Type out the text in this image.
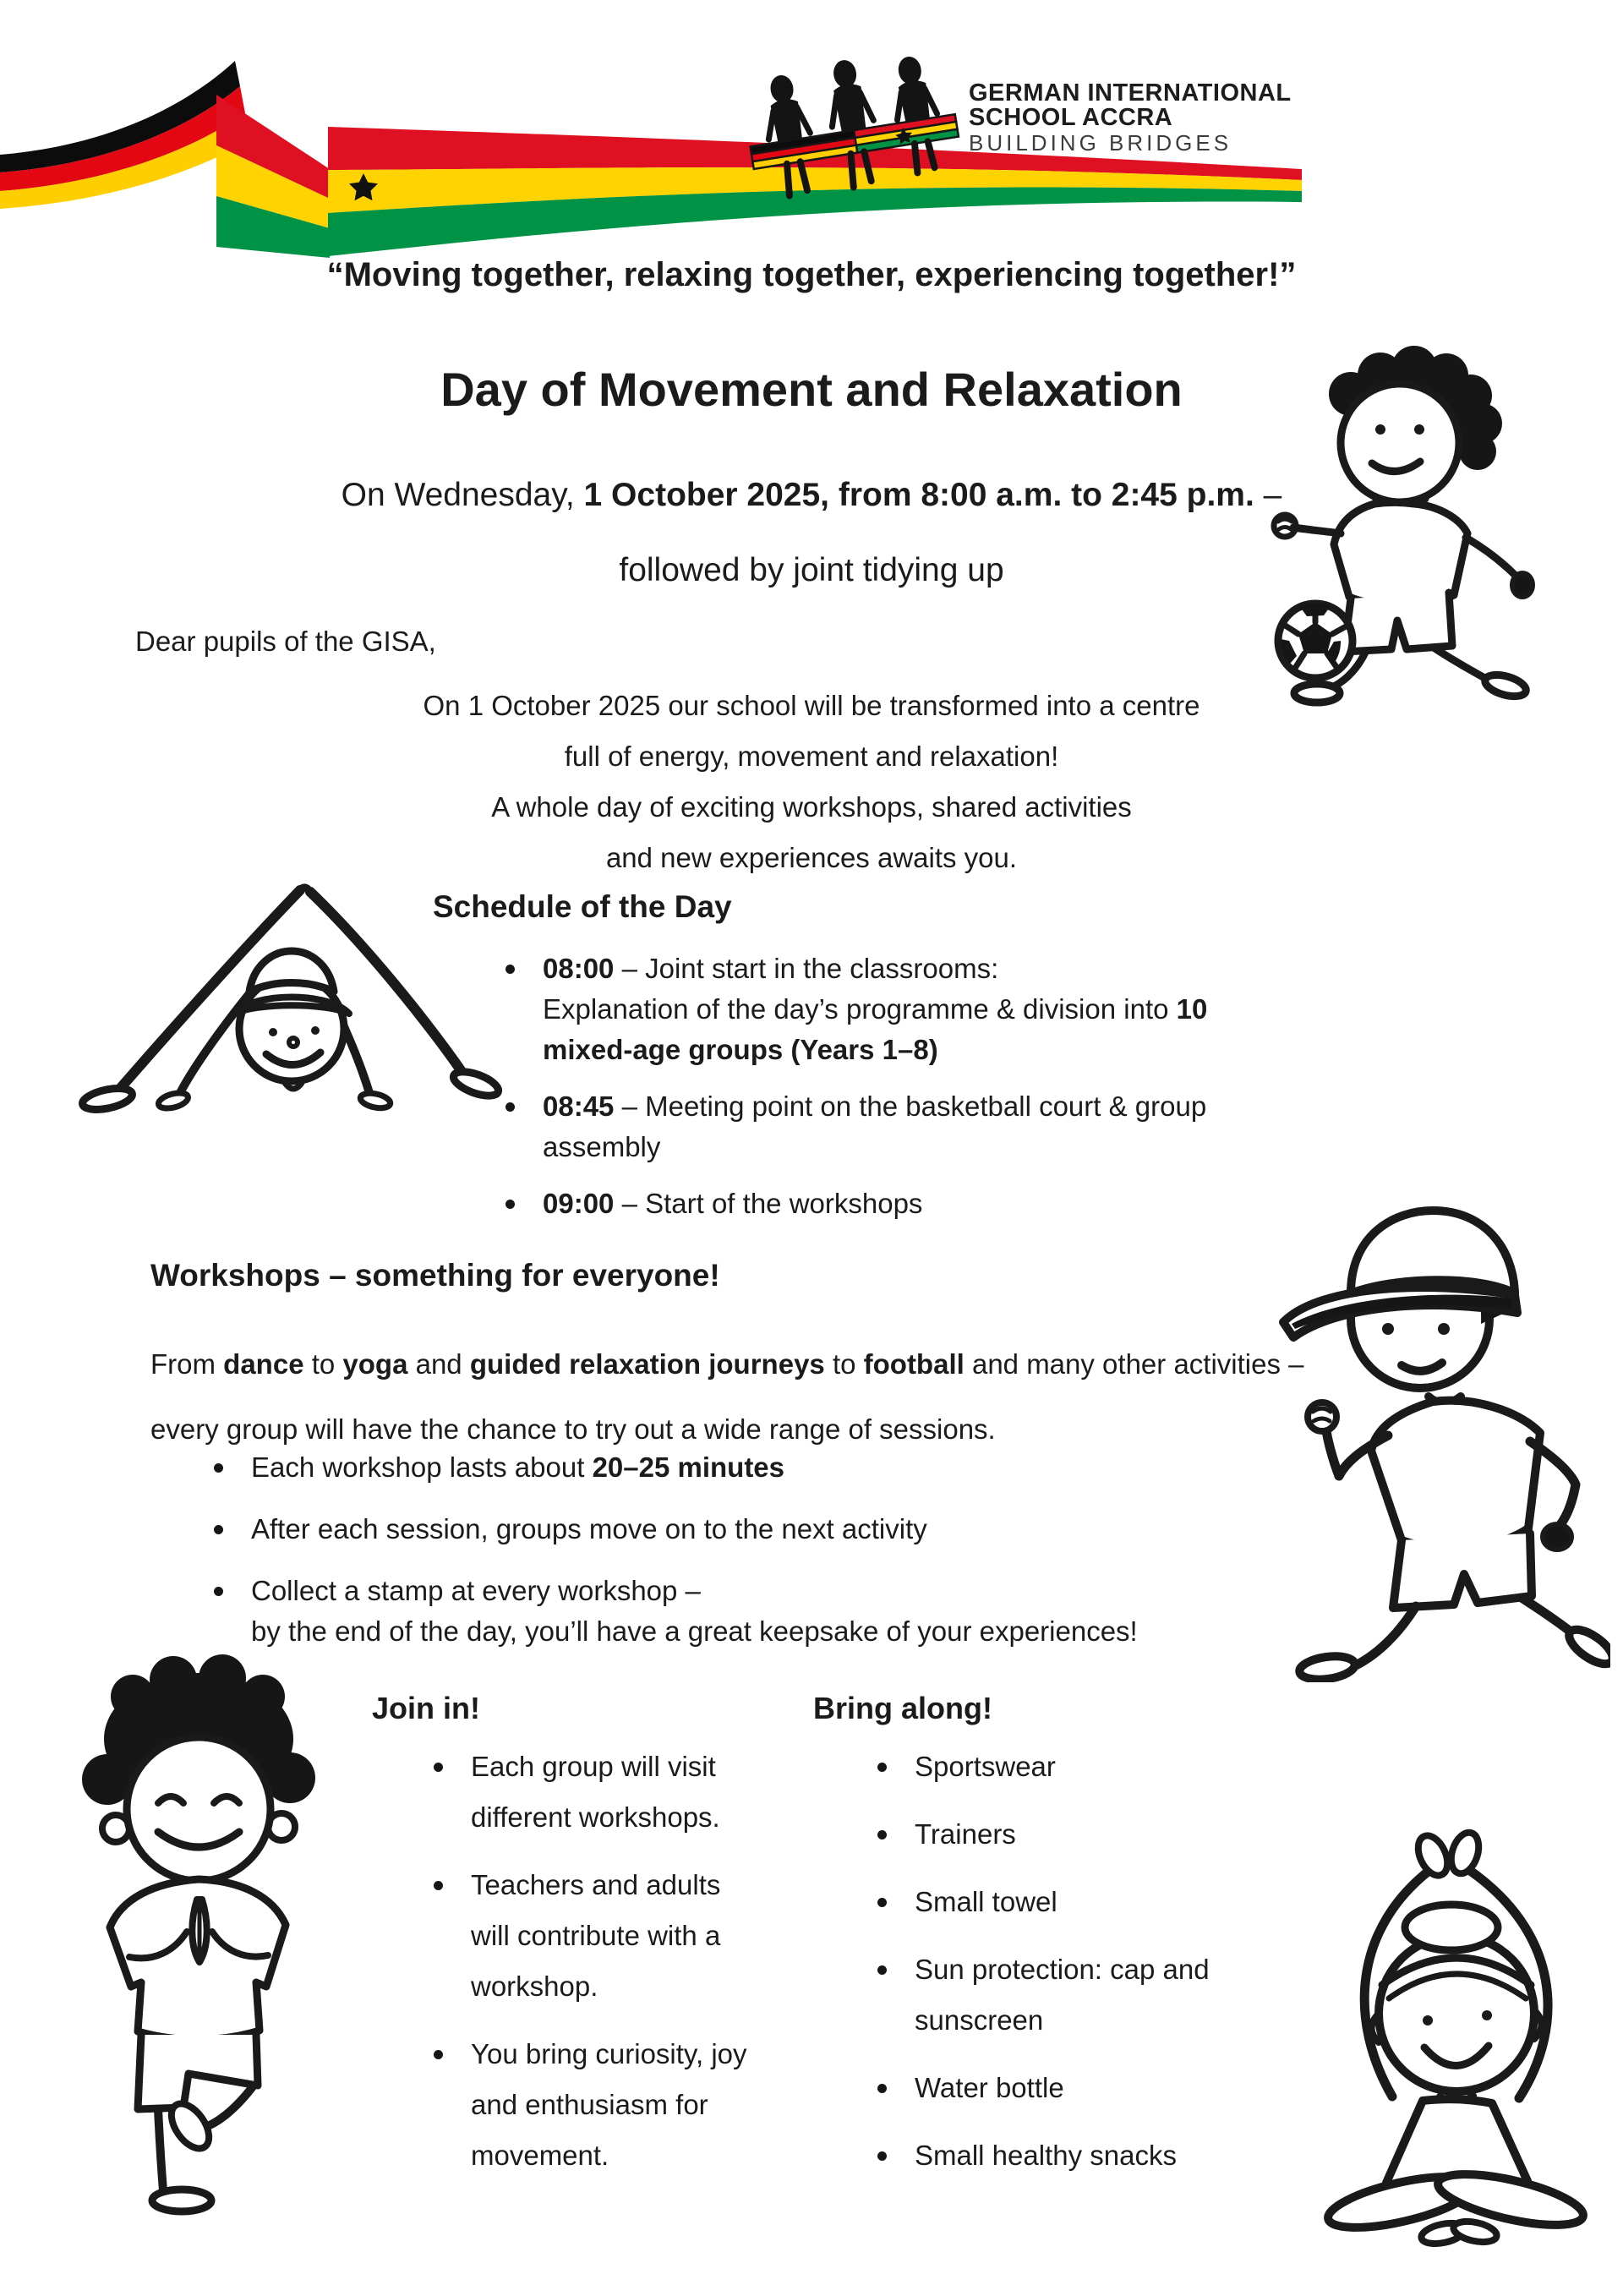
GERMAN INTERNATIONAL
SCHOOL ACCRA
BUILDING BRIDGES
“Moving together, relaxing together, experiencing together!”
Day of Movement and Relaxation

On Wednesday, 1 October 2025, from 8:00 a.m. to 2:45 p.m. –

followed by joint tidying up

Dear pupils of the GISA,

On 1 October 2025 our school will be transformed into a centre
full of energy, movement and relaxation!
A whole day of exciting workshops, shared activities
and new experiences awaits you.

Schedule of the Day
08:00 – Joint start in the classrooms:
Explanation of the day’s programme & division into 10 mixed-age groups (Years 1–8)
08:45 – Meeting point on the basketball court & group assembly
09:00 – Start of the workshops
Workshops – something for everyone!

From dance to yoga and guided relaxation journeys to football and many other activities – every group will have the chance to try out a wide range of sessions.

Each workshop lasts about 20–25 minutes
After each session, groups move on to the next activity
Collect a stamp at every workshop –
by the end of the day, you’ll have a great keepsake of your experiences!
Join in!
Each group will visit different workshops.
Teachers and adults will contribute with a workshop.
You bring curiosity, joy and enthusiasm for movement.
Bring along!
Sportswear
Trainers
Small towel
Sun protection: cap and sunscreen
Water bottle
Small healthy snacks
